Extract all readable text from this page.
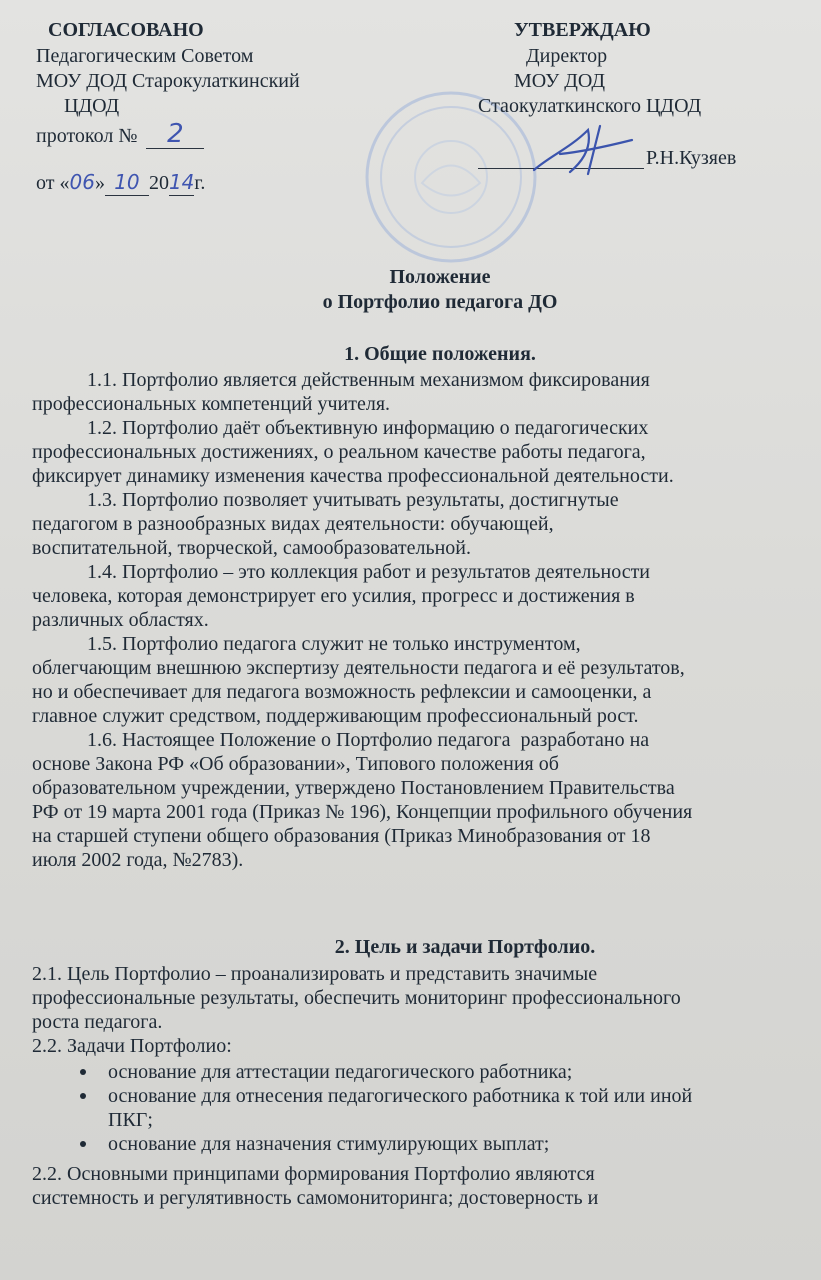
СОГЛАСОВАНО
Педагогическим Советом
МОУ ДОД Старокулаткинский
ЦДОД
протокол № 2
от «06» 10 2014г.
УТВЕРЖДАЮ
Директор
МОУ ДОД
Стаокулаткинского ЦДОД
Р.Н.Кузяев
Положение
о Портфолио педагога ДО
1. Общие положения.
1.1. Портфолио является действенным механизмом фиксирования
профессиональных компетенций учителя.
1.2. Портфолио даёт объективную информацию о педагогических
профессиональных достижениях, о реальном качестве работы педагога,
фиксирует динамику изменения качества профессиональной деятельности.
1.3. Портфолио позволяет учитывать результаты, достигнутые
педагогом в разнообразных видах деятельности: обучающей,
воспитательной, творческой, самообразовательной.
1.4. Портфолио – это коллекция работ и результатов деятельности
человека, которая демонстрирует его усилия, прогресс и достижения в
различных областях.
1.5. Портфолио педагога служит не только инструментом,
облегчающим внешнюю экспертизу деятельности педагога и её результатов,
но и обеспечивает для педагога возможность рефлексии и самооценки, а
главное служит средством, поддерживающим профессиональный рост.
1.6. Настоящее Положение о Портфолио педагога  разработано на
основе Закона РФ «Об образовании», Типового положения об
образовательном учреждении, утверждено Постановлением Правительства
РФ от 19 марта 2001 года (Приказ № 196), Концепции профильного обучения
на старшей ступени общего образования (Приказ Минобразования от 18
июля 2002 года, №2783).
2. Цель и задачи Портфолио.
2.1. Цель Портфолио – проанализировать и представить значимые
профессиональные результаты, обеспечить мониторинг профессионального
роста педагога.
2.2. Задачи Портфолио:
основание для аттестации педагогического работника;
основание для отнесения педагогического работника к той или иной
ПКГ;
основание для назначения стимулирующих выплат;
2.2. Основными принципами формирования Портфолио являются
системность и регулятивность самомониторинга; достоверность и
